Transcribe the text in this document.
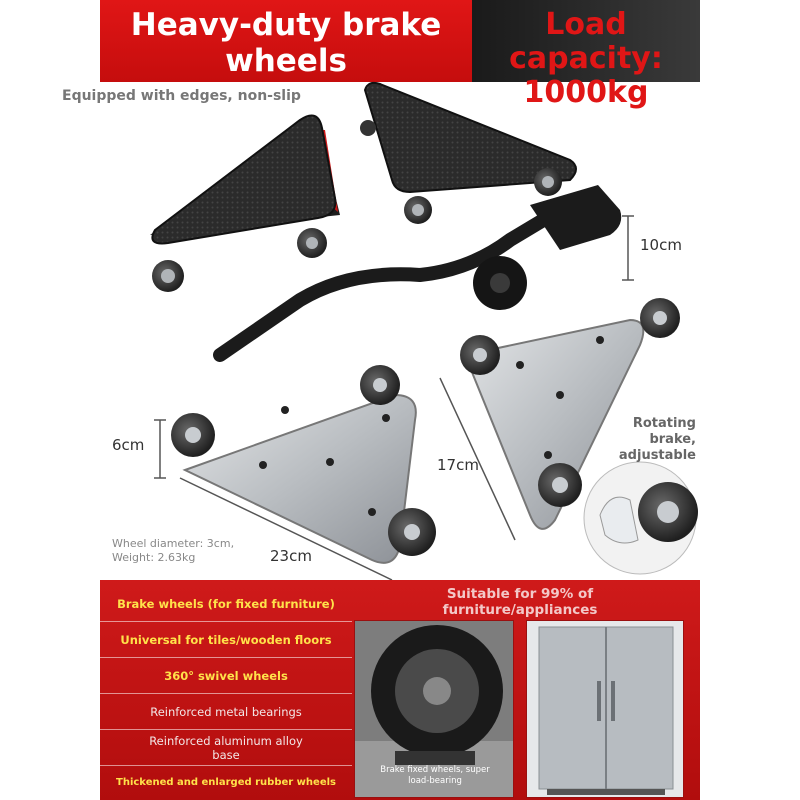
Heavy-duty brake
wheels
Load capacity:
1000kg
Equipped with edges, non-slip
10cm
6cm
17cm
23cm
Rotating
brake,
adjustable
Wheel diameter: 3cm,
Weight: 2.63kg
Brake wheels (for fixed furniture)
Universal for tiles/wooden floors
360° swivel wheels
Reinforced metal bearings
Reinforced aluminum alloy base
Thickened and enlarged rubber wheels
Suitable for 99% of
furniture/appliances
Brake fixed wheels, super
load-bearing
